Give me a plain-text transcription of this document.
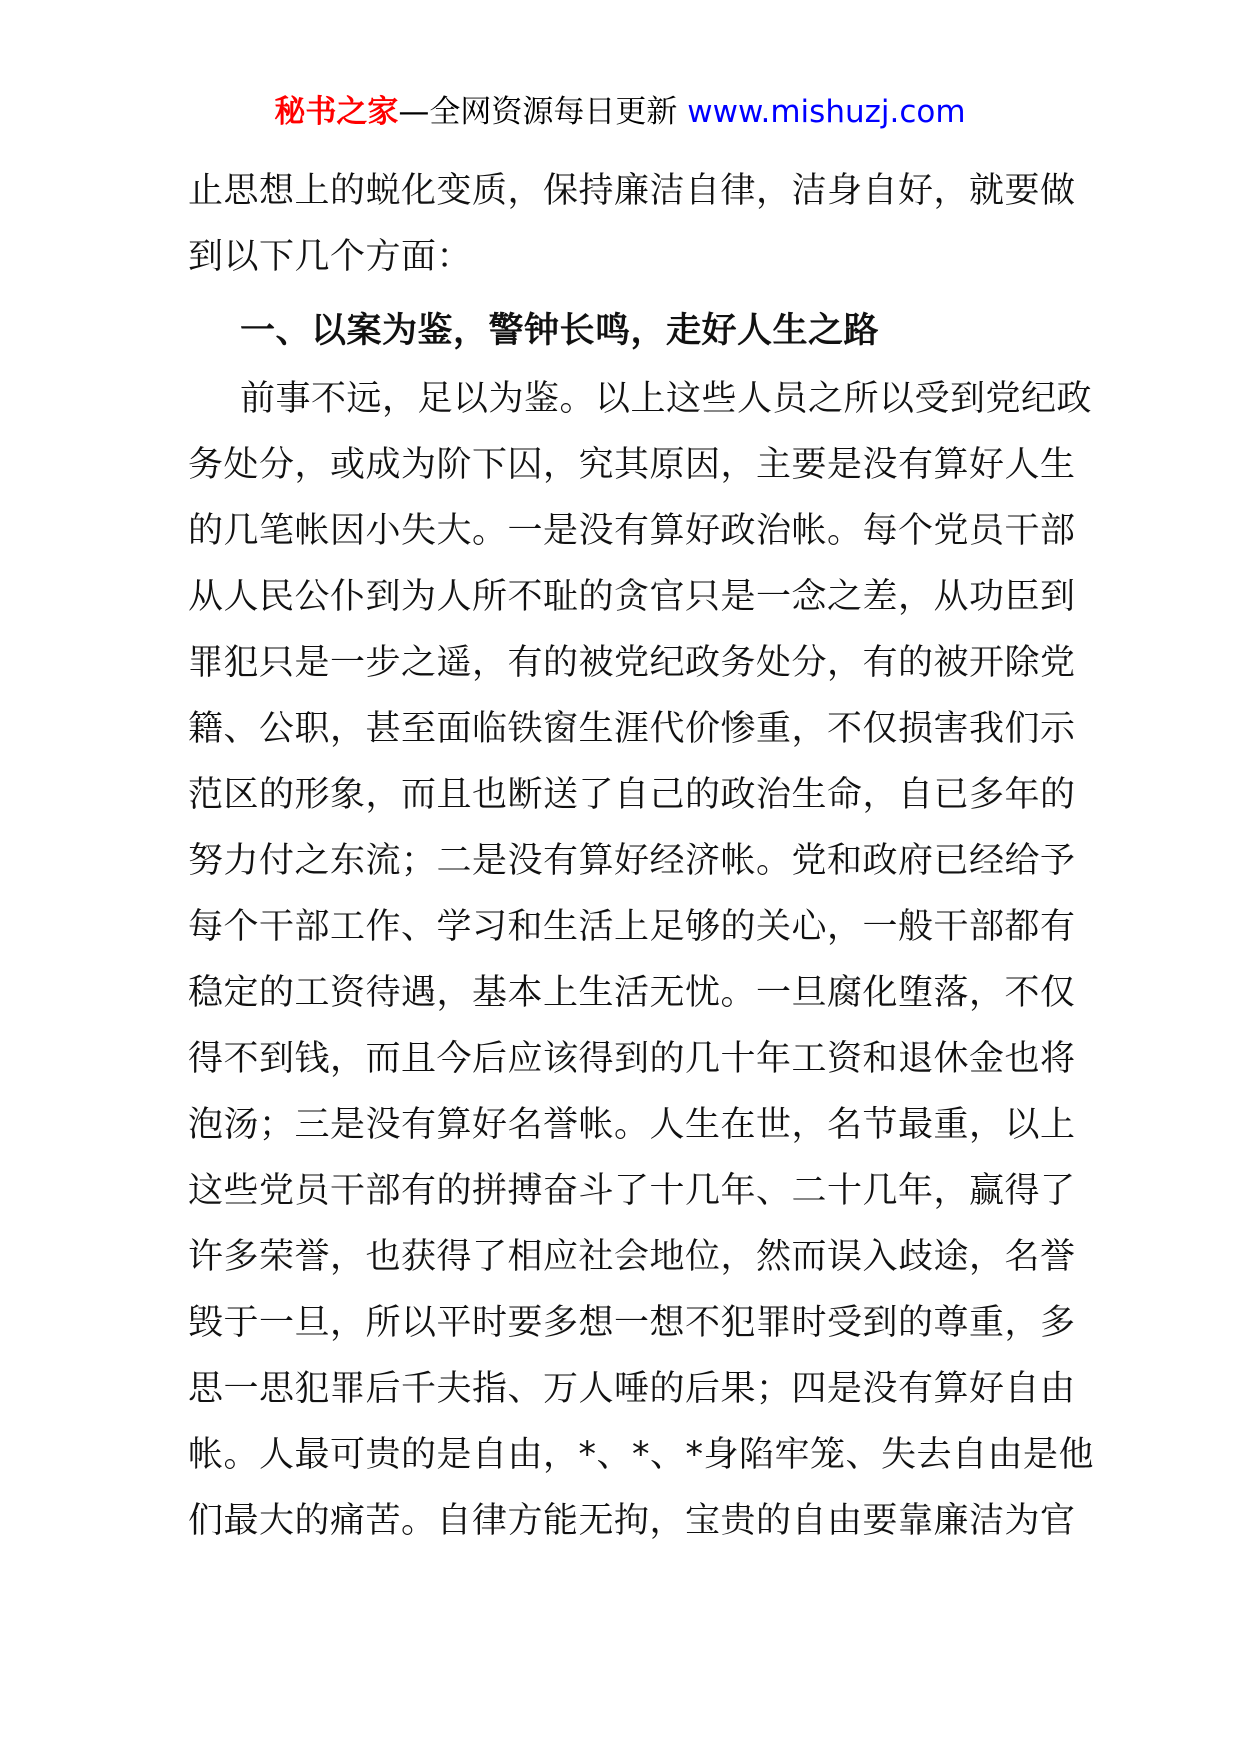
秘书之家—全网资源每日更新 www.mishuzj.com
止思想上的蜕化变质，保持廉洁自律，洁身自好，就要做
到以下几个方面：
一、以案为鉴，警钟长鸣，走好人生之路
前事不远，足以为鉴。以上这些人员之所以受到党纪政
务处分，或成为阶下囚，究其原因，主要是没有算好人生
的几笔帐因小失大。一是没有算好政治帐。每个党员干部
从人民公仆到为人所不耻的贪官只是一念之差，从功臣到
罪犯只是一步之遥，有的被党纪政务处分，有的被开除党
籍、公职，甚至面临铁窗生涯代价惨重，不仅损害我们示
范区的形象，而且也断送了自己的政治生命，自已多年的
努力付之东流；二是没有算好经济帐。党和政府已经给予
每个干部工作、学习和生活上足够的关心，一般干部都有
稳定的工资待遇，基本上生活无忧。一旦腐化堕落，不仅
得不到钱，而且今后应该得到的几十年工资和退休金也将
泡汤；三是没有算好名誉帐。人生在世，名节最重，以上
这些党员干部有的拼搏奋斗了十几年、二十几年，赢得了
许多荣誉，也获得了相应社会地位，然而误入歧途，名誉
毁于一旦，所以平时要多想一想不犯罪时受到的尊重，多
思一思犯罪后千夫指、万人唾的后果；四是没有算好自由
帐。人最可贵的是自由，*、*、*身陷牢笼、失去自由是他
们最大的痛苦。自律方能无拘，宝贵的自由要靠廉洁为官
